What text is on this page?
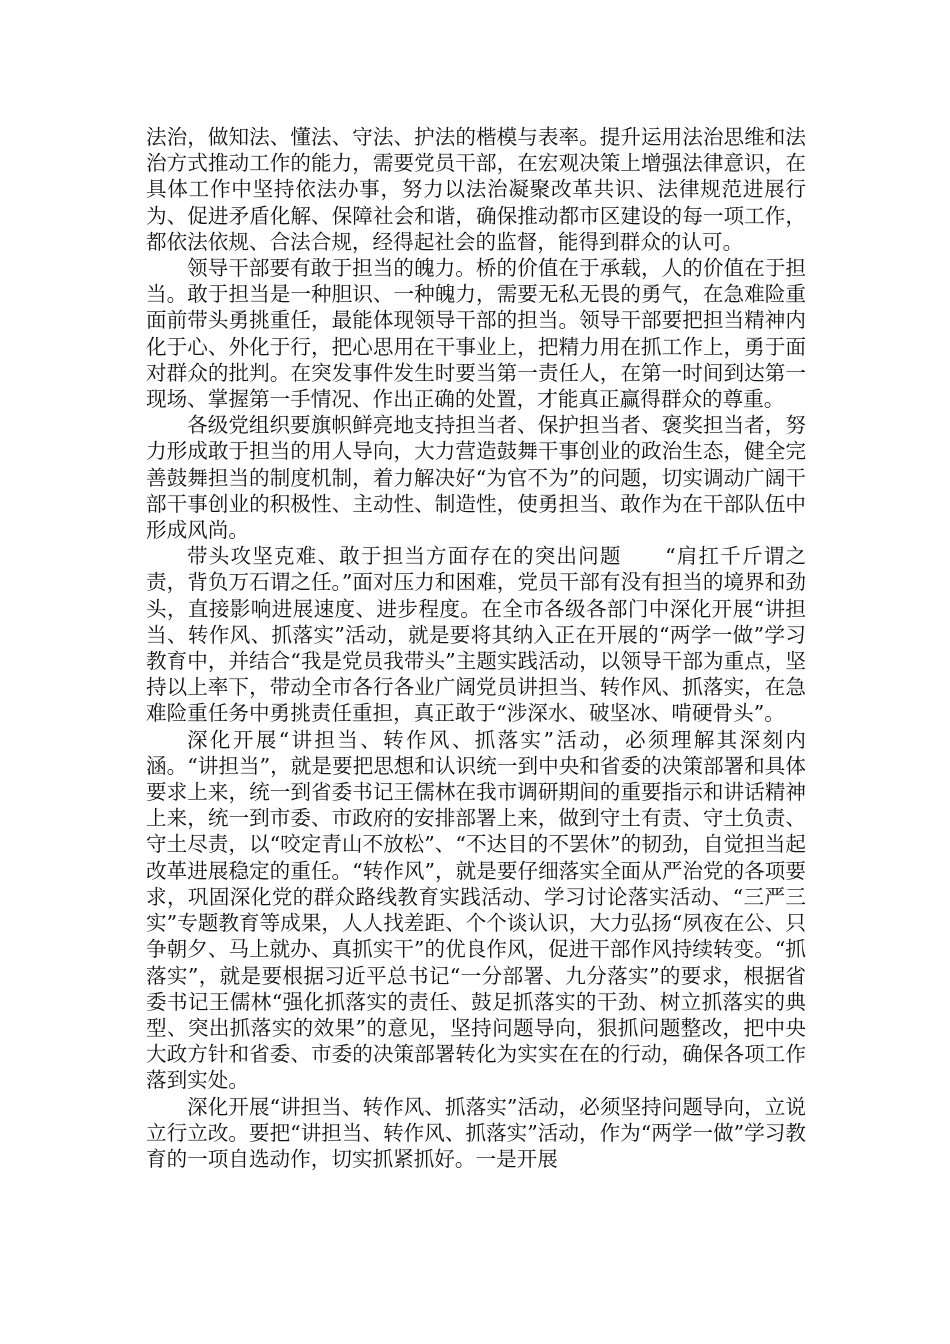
法治，做知法、懂法、守法、护法的楷模与表率。提升运用法治思维和法治方式推动工作的能力，需要党员干部，在宏观决策上增强法律意识，在具体工作中坚持依法办事，努力以法治凝聚改革共识、法律规范进展行为、促进矛盾化解、保障社会和谐，确保推动都市区建设的每一项工作，都依法依规、合法合规，经得起社会的监督，能得到群众的认可。

领导干部要有敢于担当的魄力。桥的价值在于承载，人的价值在于担当。敢于担当是一种胆识、一种魄力，需要无私无畏的勇气，在急难险重面前带头勇挑重任，最能体现领导干部的担当。领导干部要把担当精神内化于心、外化于行，把心思用在干事业上，把精力用在抓工作上，勇于面对群众的批判。在突发事件发生时要当第一责任人，在第一时间到达第一现场、掌握第一手情况、作出正确的处置，才能真正赢得群众的尊重。

各级党组织要旗帜鲜亮地支持担当者、保护担当者、褒奖担当者，努力形成敢于担当的用人导向，大力营造鼓舞干事创业的政治生态，健全完善鼓舞担当的制度机制，着力解决好“为官不为”的问题，切实调动广阔干部干事创业的积极性、主动性、制造性，使勇担当、敢作为在干部队伍中形成风尚。

带头攻坚克难、敢于担当方面存在的突出问题　　“肩扛千斤谓之责，背负万石谓之任。”面对压力和困难，党员干部有没有担当的境界和劲头，直接影响进展速度、进步程度。在全市各级各部门中深化开展“讲担当、转作风、抓落实”活动，就是要将其纳入正在开展的“两学一做”学习教育中，并结合“我是党员我带头”主题实践活动，以领导干部为重点，坚持以上率下，带动全市各行各业广阔党员讲担当、转作风、抓落实，在急难险重任务中勇挑责任重担，真正敢于“涉深水、破坚冰、啃硬骨头”。

深化开展“讲担当、转作风、抓落实”活动，必须理解其深刻内涵。“讲担当”，就是要把思想和认识统一到中央和省委的决策部署和具体要求上来，统一到省委书记王儒林在我市调研期间的重要指示和讲话精神上来，统一到市委、市政府的安排部署上来，做到守土有责、守土负责、守土尽责，以“咬定青山不放松”、“不达目的不罢休”的韧劲，自觉担当起改革进展稳定的重任。“转作风”，就是要仔细落实全面从严治党的各项要求，巩固深化党的群众路线教育实践活动、学习讨论落实活动、“三严三实”专题教育等成果，人人找差距、个个谈认识，大力弘扬“夙夜在公、只争朝夕、马上就办、真抓实干”的优良作风，促进干部作风持续转变。“抓落实”，就是要根据习近平总书记“一分部署、九分落实”的要求，根据省委书记王儒林“强化抓落实的责任、鼓足抓落实的干劲、树立抓落实的典型、突出抓落实的效果”的意见，坚持问题导向，狠抓问题整改，把中央大政方针和省委、市委的决策部署转化为实实在在的行动，确保各项工作落到实处。

深化开展“讲担当、转作风、抓落实”活动，必须坚持问题导向，立说立行立改。要把“讲担当、转作风、抓落实”活动，作为“两学一做”学习教育的一项自选动作，切实抓紧抓好。一是开展
